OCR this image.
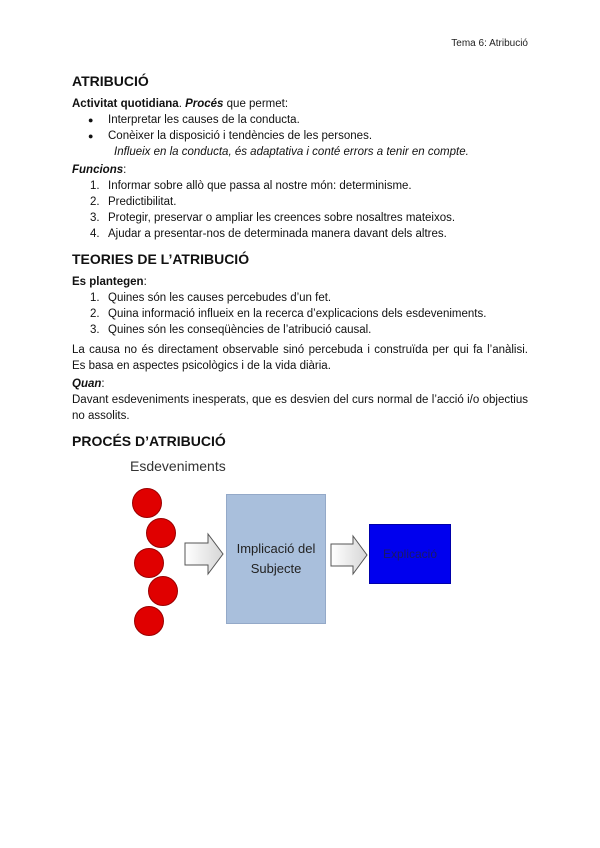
Tema 6: Atribució
ATRIBUCIÓ

Activitat quotidiana. Procés que permet:

● Interpretar les causes de la conducta.
● Conèixer la disposició i tendències de les persones.

Influeix en la conducta, és adaptativa i conté errors a tenir en compte.

Funcions:

1. Informar sobre allò que passa al nostre món: determinisme.
2. Predictibilitat.
3. Protegir, preservar o ampliar les creences sobre nosaltres mateixos.
4. Ajudar a presentar-nos de determinada manera davant dels altres.
TEORIES DE L’ATRIBUCIÓ

Es plantegen:

1. Quines són les causes percebudes d’un fet.
2. Quina informació influeix en la recerca d’explicacions dels esdeveniments.
3. Quines són les conseqüències de l’atribució causal.

La causa no és directament observable sinó percebuda i construïda per qui fa l’anàlisi. Es basa en aspectes psicològics i de la vida diària.

Quan:

Davant esdeveniments inesperats, que es desvien del curs normal de l’acció i/o objectius no assolits.

PROCÉS D’ATRIBUCIÓ
Esdeveniments
Implicació del Subjecte
Explicació
